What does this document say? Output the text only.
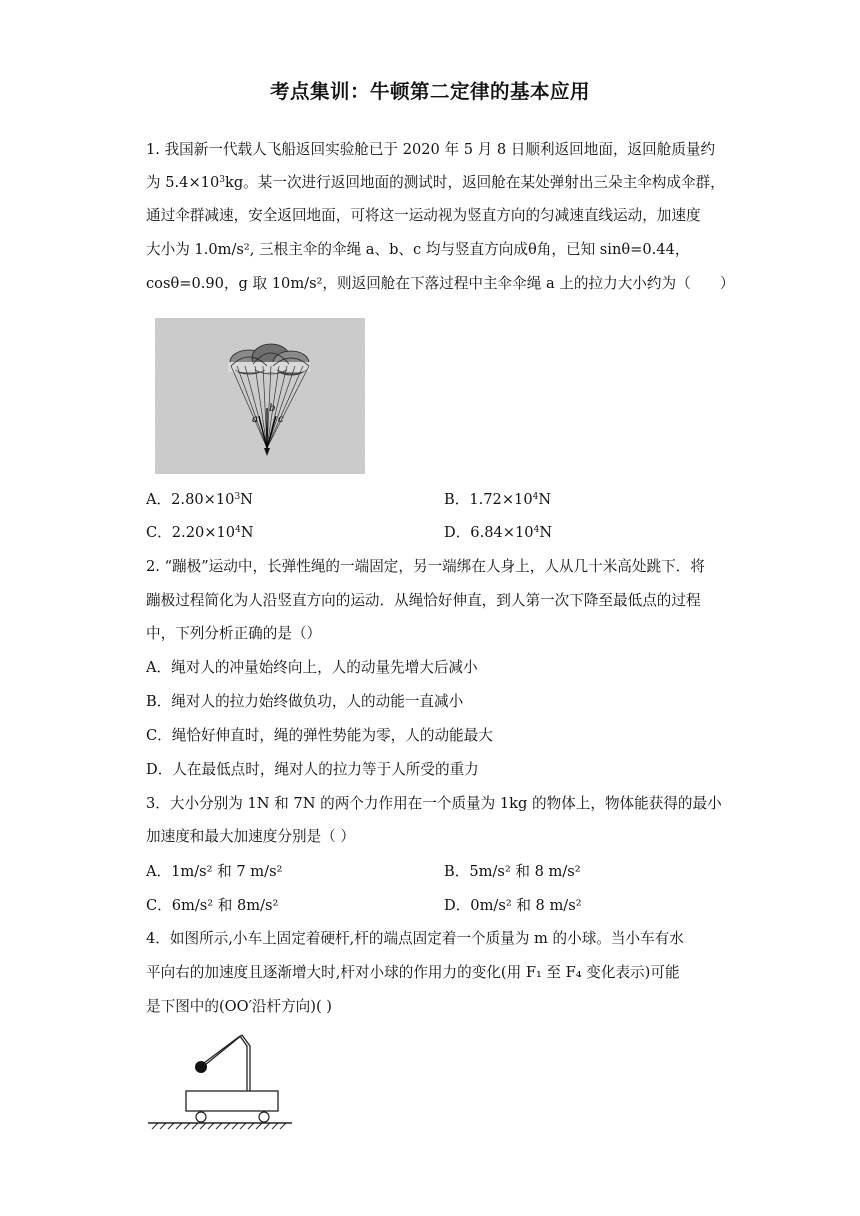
考点集训：牛顿第二定律的基本应用
1. 我国新一代载人飞船返回实验舱已于 2020 年 5 月 8 日顺利返回地面，返回舱质量约
为 $5.4\times 10^3kg$。某一次进行返回地面的测试时，返回舱在某处弹射出三朵主伞构成伞群，
通过伞群减速，安全返回地面，可将这一运动视为竖直方向的匀减速直线运动，加速度
大小为 1.0m/s², 三根主伞的伞绳 a、b、c 均与竖直方向成θ角，已知 sinθ=0.44，
cosθ=0.90，g 取 10m/s²，则返回舱在下落过程中主伞伞绳 a 上的拉力大小约为（　　）
a
b
c
A．$2.80\times 10^3N$	B．$1.72\times 10^4N$
C．$2.20\times 10^4N$	D．$6.84\times 10^4N$
2. “蹦极”运动中，长弹性绳的一端固定，另一端绑在人身上，人从几十米高处跳下．将
蹦极过程简化为人沿竖直方向的运动．从绳恰好伸直，到人第一次下降至最低点的过程
中，下列分析正确的是（）
A．绳对人的冲量始终向上，人的动量先增大后减小
B．绳对人的拉力始终做负功，人的动能一直减小
C．绳恰好伸直时，绳的弹性势能为零，人的动能最大
D．人在最低点时，绳对人的拉力等于人所受的重力
3．大小分别为 1N 和 7N 的两个力作用在一个质量为 1kg 的物体上，物体能获得的最小
加速度和最大加速度分别是（ ）
A．1m/s² 和 7 m/s²	B．5m/s² 和 8 m/s²
C．6m/s² 和 8m/s²	D．0m/s² 和 8 m/s²
4．如图所示,小车上固定着硬杆,杆的端点固定着一个质量为 m 的小球。当小车有水
平向右的加速度且逐渐增大时,杆对小球的作用力的变化(用 F₁ 至 F₄ 变化表示)可能
是下图中的(OO′沿杆方向)( )
